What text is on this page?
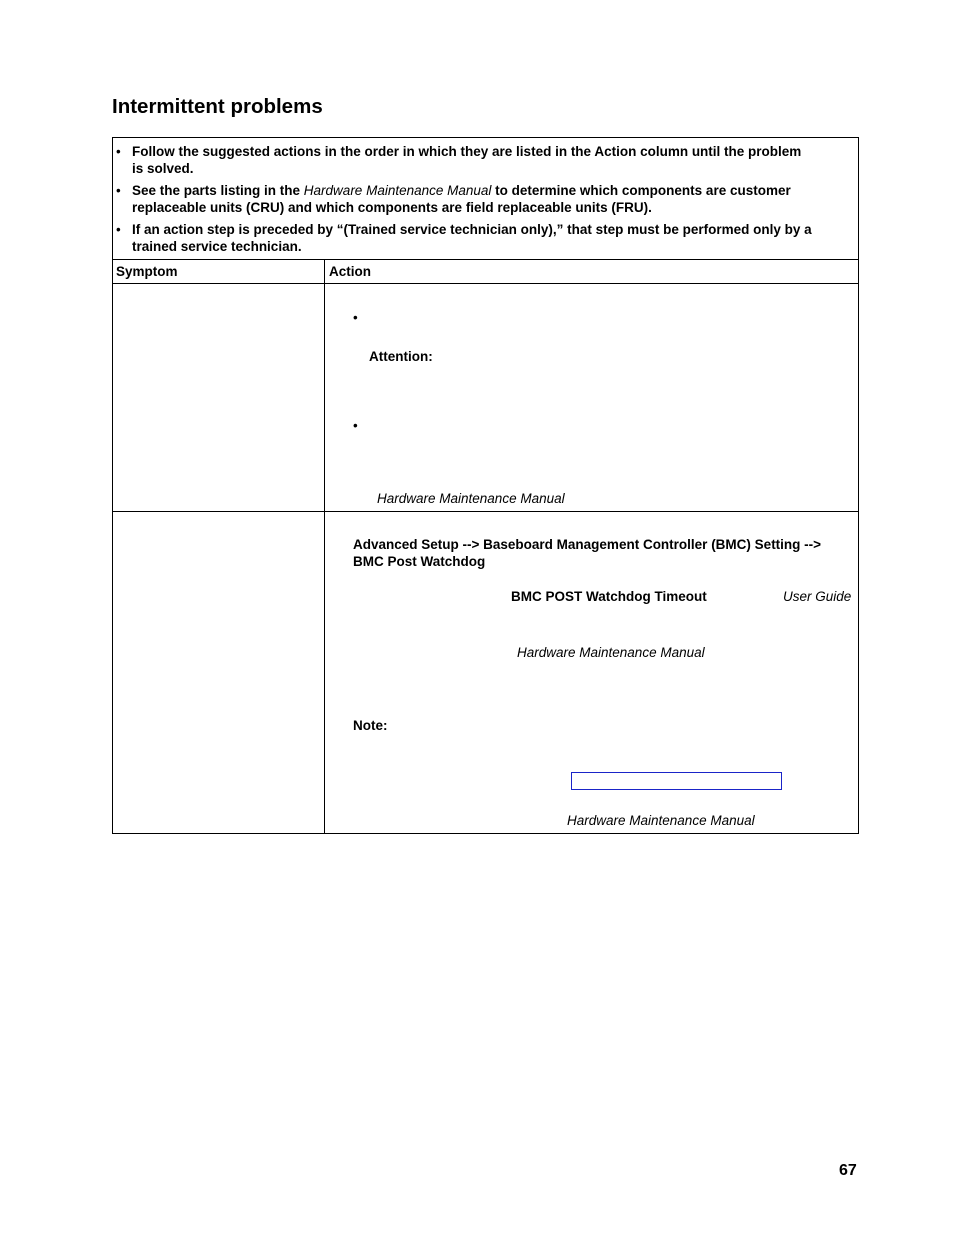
Intermittent problems
• Follow the suggested actions in the order in which they are listed in the Action column until the problem
is solved.
• See the parts listing in the Hardware Maintenance Manual to determine which components are customer
replaceable units (CRU) and which components are field replaceable units (FRU).
• If an action step is preceded by “(Trained service technician only),” that step must be performed only by a
trained service technician.
Symptom	Action
•
Attention:
•
Hardware Maintenance Manual
Advanced Setup --> Baseboard Management Controller (BMC) Setting -->
BMC Post Watchdog
BMC POST Watchdog Timeout	User Guide
Hardware Maintenance Manual
Note:
Hardware Maintenance Manual
67
